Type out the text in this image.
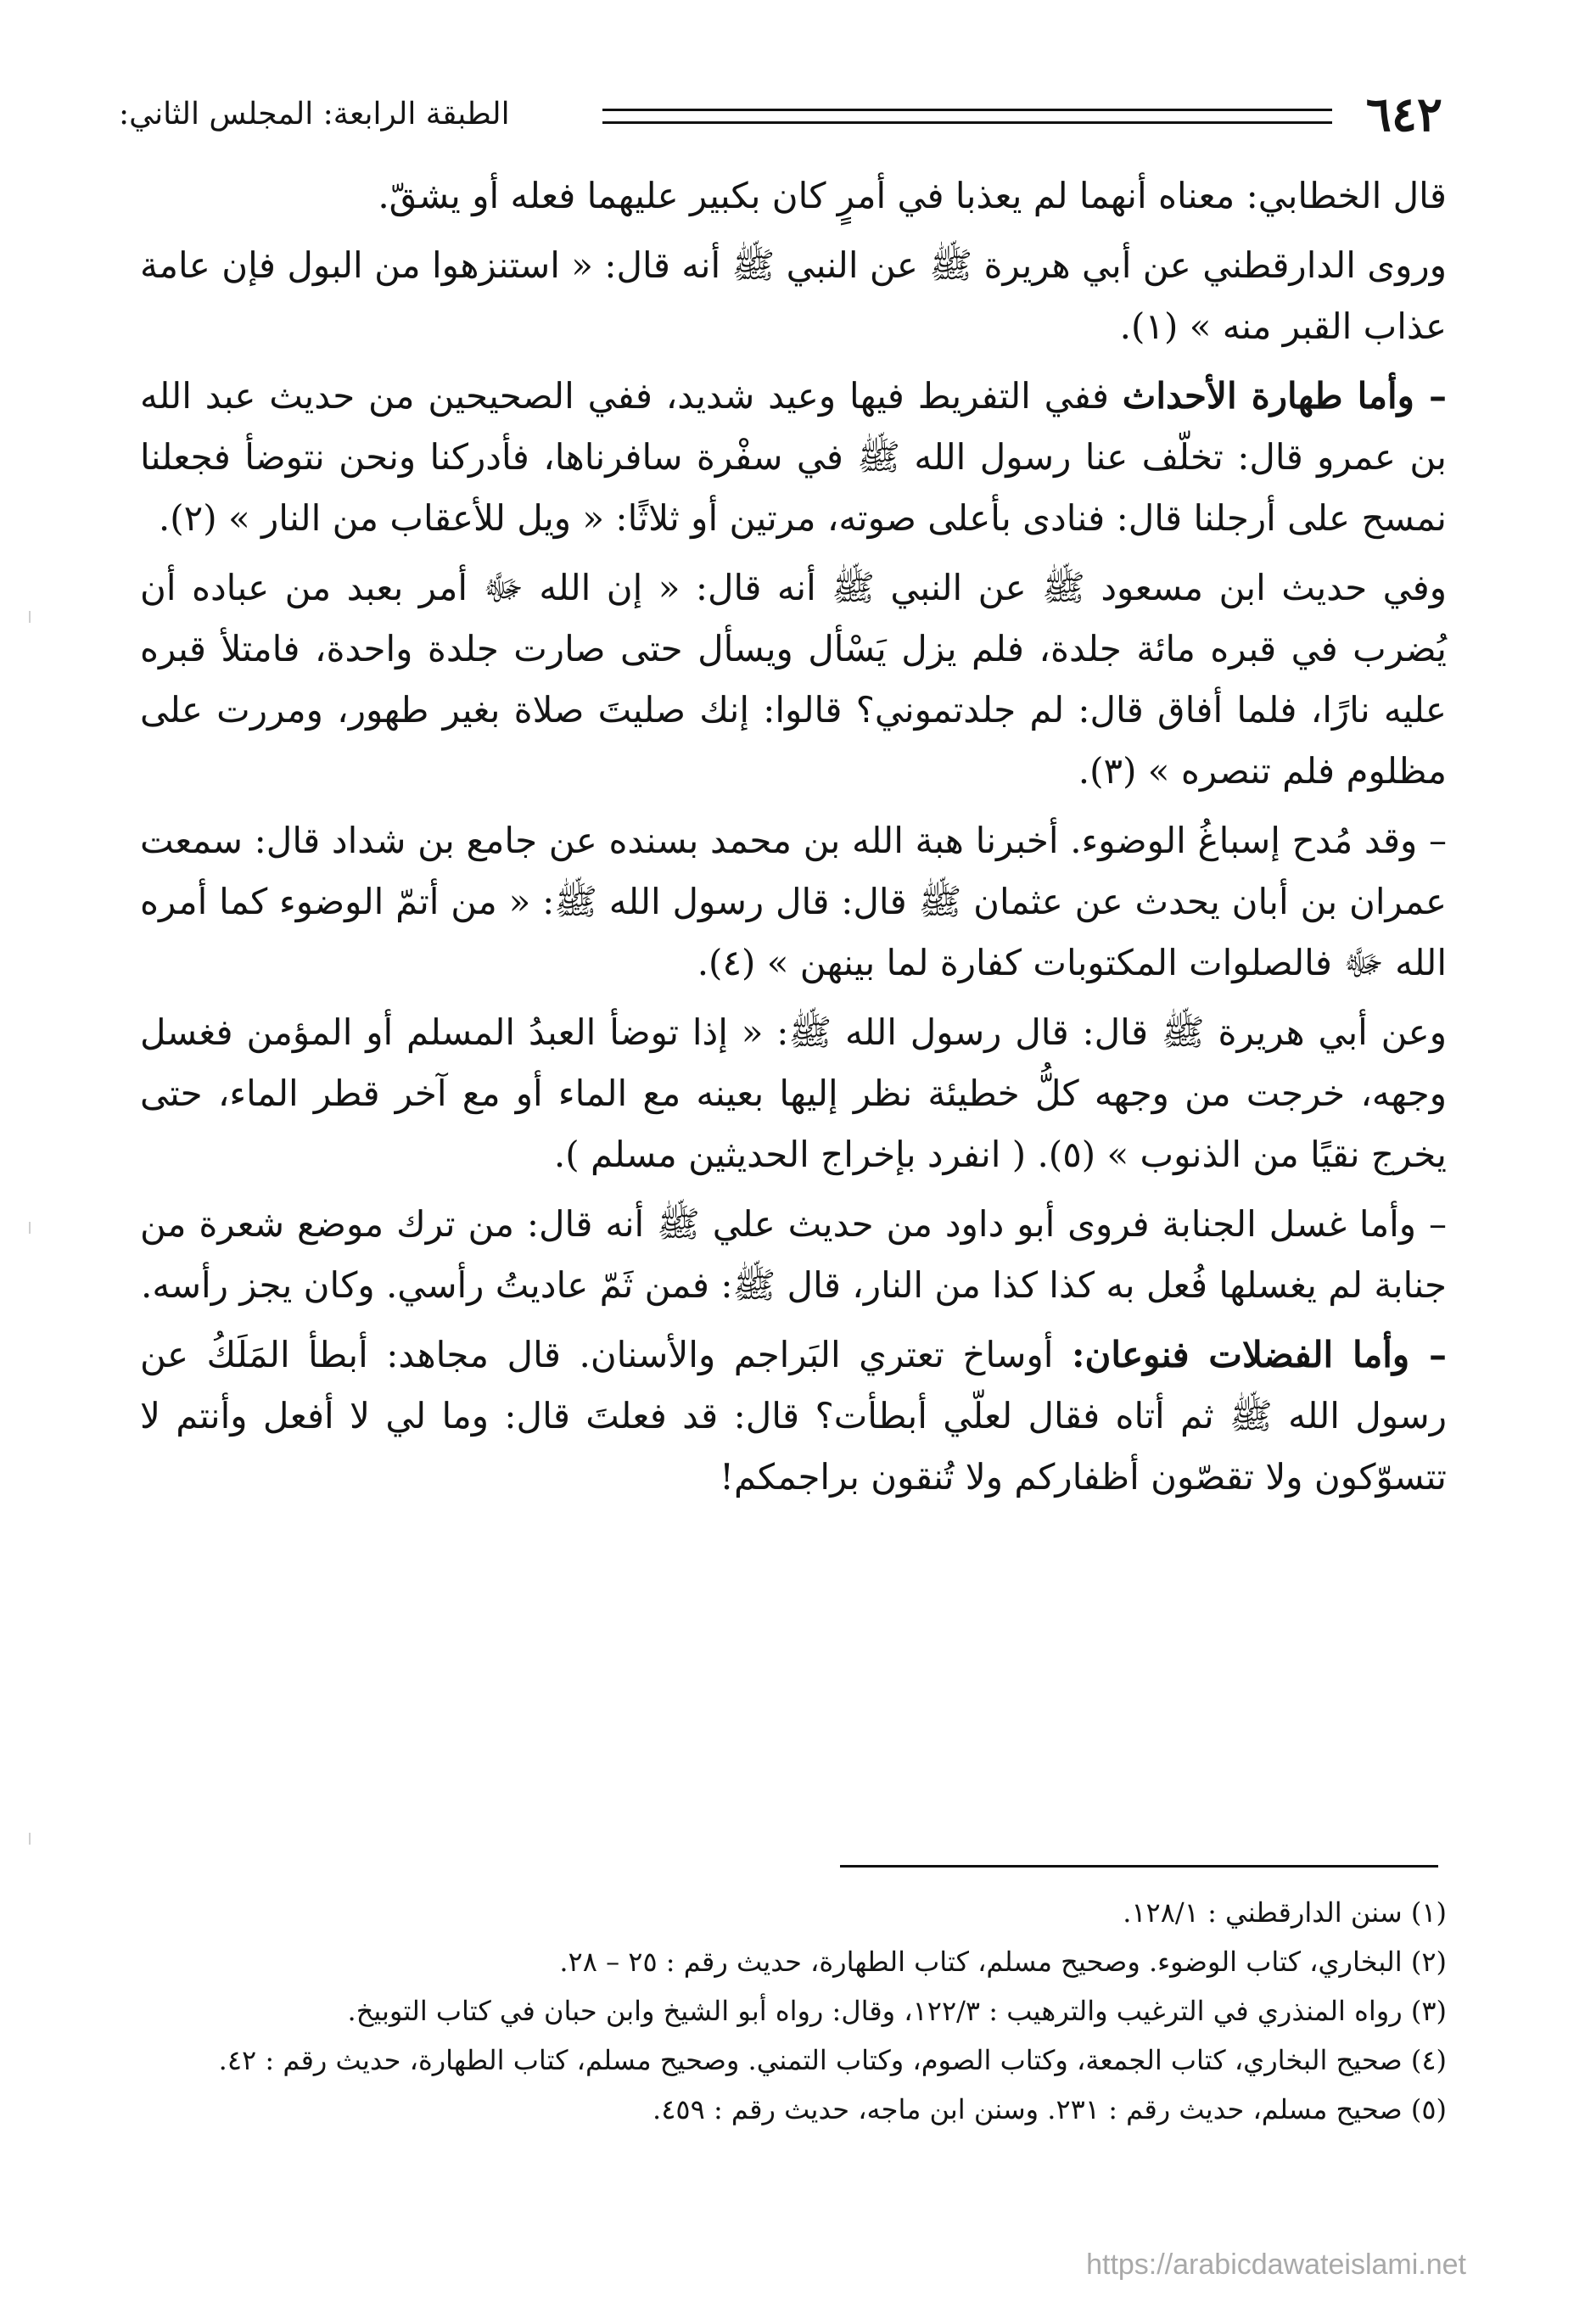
٦٤٢
الطبقة الرابعة: المجلس الثاني:

قال الخطابي: معناه أنهما لم يعذبا في أمرٍ كان بكبير عليهما فعله أو يشقّ.

وروى الدارقطني عن أبي هريرة ﷺ عن النبي ﷺ أنه قال: « استنزهوا من البول فإن عامة عذاب القبر منه » (١).

– وأما طهارة الأحداث ففي التفريط فيها وعيد شديد، ففي الصحيحين من حديث عبد الله بن عمرو قال: تخلّف عنا رسول الله ﷺ في سفْرة سافرناها، فأدركنا ونحن نتوضأ فجعلنا نمسح على أرجلنا قال: فنادى بأعلى صوته، مرتين أو ثلاثًا: « ويل للأعقاب من النار » (٢).

وفي حديث ابن مسعود ﷺ عن النبي ﷺ أنه قال: « إن الله ﷻ أمر بعبد من عباده أن يُضرب في قبره مائة جلدة، فلم يزل يَسْأل ويسأل حتى صارت جلدة واحدة، فامتلأ قبره عليه نارًا، فلما أفاق قال: لم جلدتموني؟ قالوا: إنك صليتَ صلاة بغير طهور، ومررت على مظلوم فلم تنصره » (٣).

– وقد مُدح إسباغُ الوضوء. أخبرنا هبة الله بن محمد بسنده عن جامع بن شداد قال: سمعت عمران بن أبان يحدث عن عثمان ﷺ قال: قال رسول الله ﷺ: « من أتمّ الوضوء كما أمره الله ﷻ فالصلوات المكتوبات كفارة لما بينهن » (٤).

وعن أبي هريرة ﷺ قال: قال رسول الله ﷺ: « إذا توضأ العبدُ المسلم أو المؤمن فغسل وجهه، خرجت من وجهه كلُّ خطيئة نظر إليها بعينه مع الماء أو مع آخر قطر الماء، حتى يخرج نقيًا من الذنوب » (٥). ( انفرد بإخراج الحديثين مسلم ).

– وأما غسل الجنابة فروى أبو داود من حديث علي ﷺ أنه قال: من ترك موضع شعرة من جنابة لم يغسلها فُعل به كذا كذا من النار، قال ﷺ: فمن ثَمّ عاديتُ رأسي. وكان يجز رأسه.

– وأما الفضلات فنوعان: أوساخ تعتري البَراجم والأسنان. قال مجاهد: أبطأ المَلَكُ عن رسول الله ﷺ ثم أتاه فقال لعلّي أبطأت؟ قال: قد فعلتَ قال: وما لي لا أفعل وأنتم لا تتسوّكون ولا تقصّون أظفاركم ولا تُنقون براجمكم!

(١) سنن الدارقطني : ١٢٨/١.
(٢) البخاري، كتاب الوضوء. وصحيح مسلم، كتاب الطهارة، حديث رقم : ٢٥ – ٢٨.
(٣) رواه المنذري في الترغيب والترهيب : ١٢٢/٣، وقال: رواه أبو الشيخ وابن حبان في كتاب التوبيخ.
(٤) صحيح البخاري، كتاب الجمعة، وكتاب الصوم، وكتاب التمني. وصحيح مسلم، كتاب الطهارة، حديث رقم : ٤٢.
(٥) صحيح مسلم، حديث رقم : ٢٣١. وسنن ابن ماجه، حديث رقم : ٤٥٩.
https://arabicdawateislami.net
